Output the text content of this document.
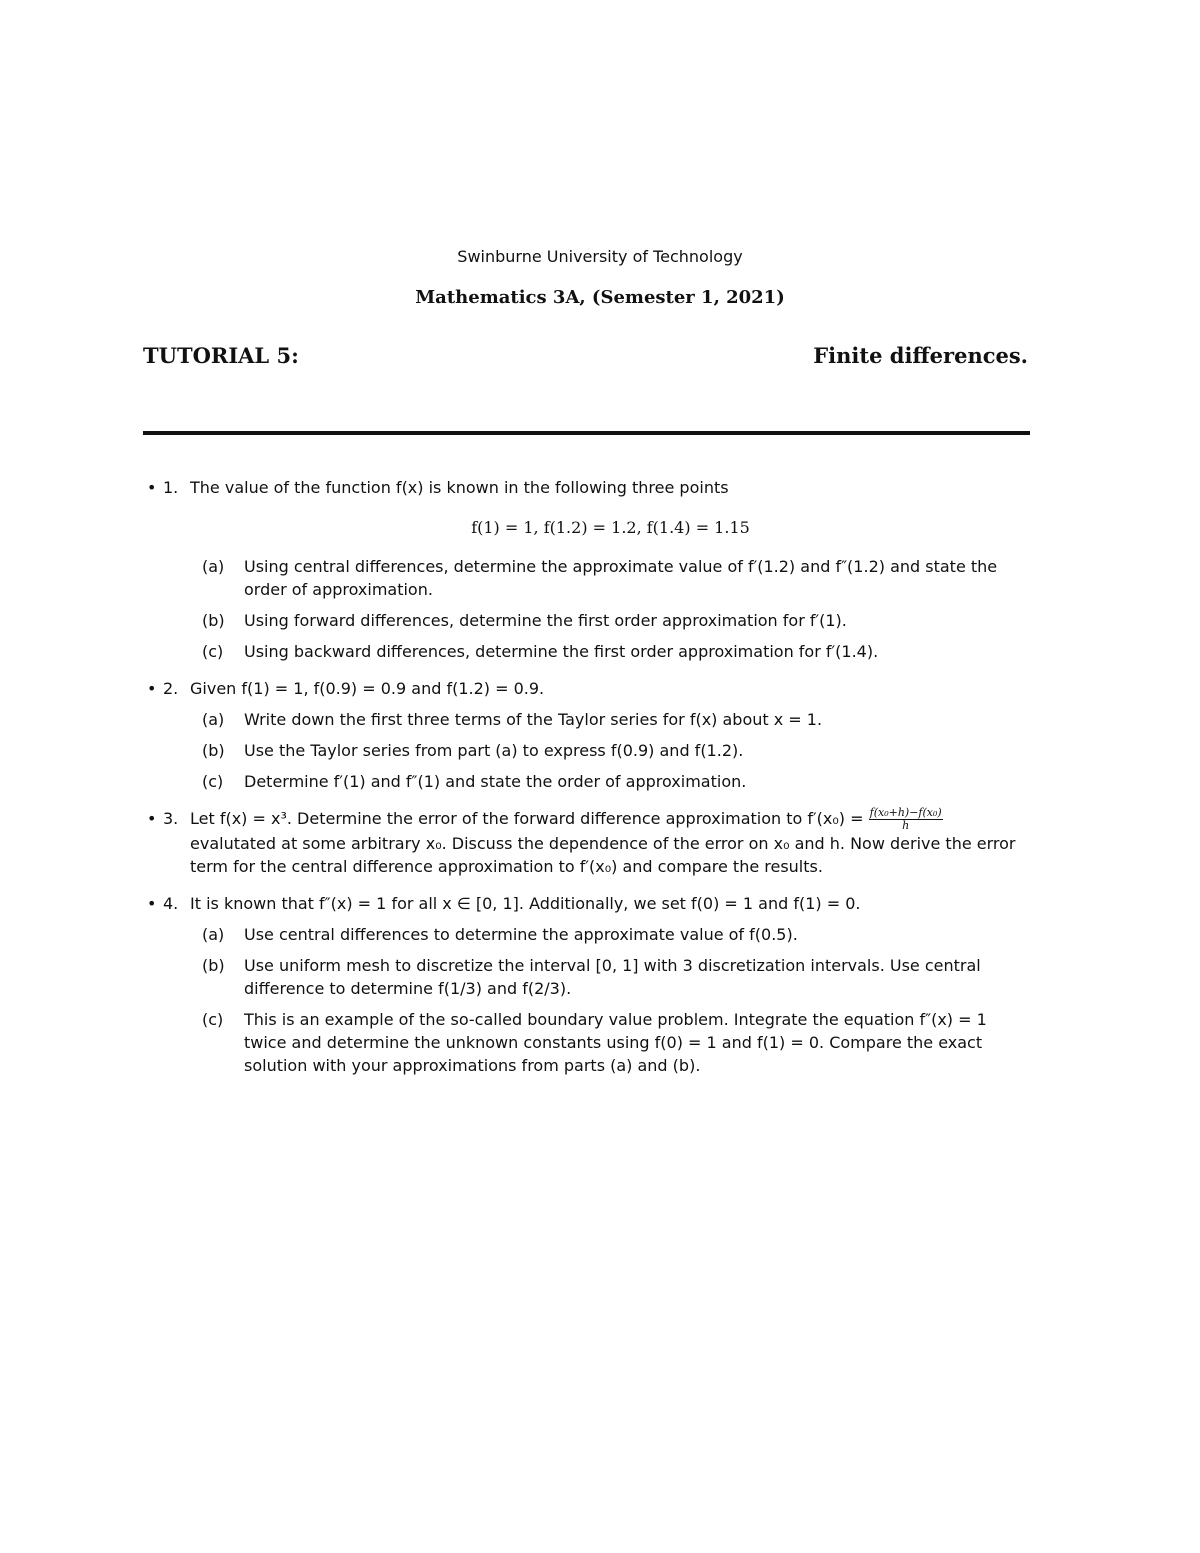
Swinburne University of Technology
Mathematics 3A, (Semester 1, 2021)
TUTORIAL 5:	Finite differences.
• 1. The value of the function f(x) is known in the following three points
f(1) = 1, f(1.2) = 1.2, f(1.4) = 1.15
(a) Using central differences, determine the approximate value of f′(1.2) and f″(1.2) and state the order of approximation.
(b) Using forward differences, determine the first order approximation for f′(1).
(c) Using backward differences, determine the first order approximation for f′(1.4).
• 2. Given f(1) = 1, f(0.9) = 0.9 and f(1.2) = 0.9.
(a) Write down the first three terms of the Taylor series for f(x) about x = 1.
(b) Use the Taylor series from part (a) to express f(0.9) and f(1.2).
(c) Determine f′(1) and f″(1) and state the order of approximation.
• 3. Let f(x) = x³. Determine the error of the forward difference approximation to $f'(x_0) = \frac{\text{f(x₀+h)−f(x₀)}}{h}$
evalutated at some arbitrary x₀. Discuss the dependence of the error on x₀ and h. Now derive the error term for the central difference approximation to f′(x₀) and compare the results.
• 4. It is known that f″(x) = 1 for all x ∈ [0, 1]. Additionally, we set f(0) = 1 and f(1) = 0.
(a) Use central differences to determine the approximate value of f(0.5).
(b) Use uniform mesh to discretize the interval [0, 1] with 3 discretization intervals. Use central difference to determine f(1/3) and f(2/3).
(c) This is an example of the so-called boundary value problem. Integrate the equation f″(x) = 1 twice and determine the unknown constants using f(0) = 1 and f(1) = 0. Compare the exact solution with your approximations from parts (a) and (b).
